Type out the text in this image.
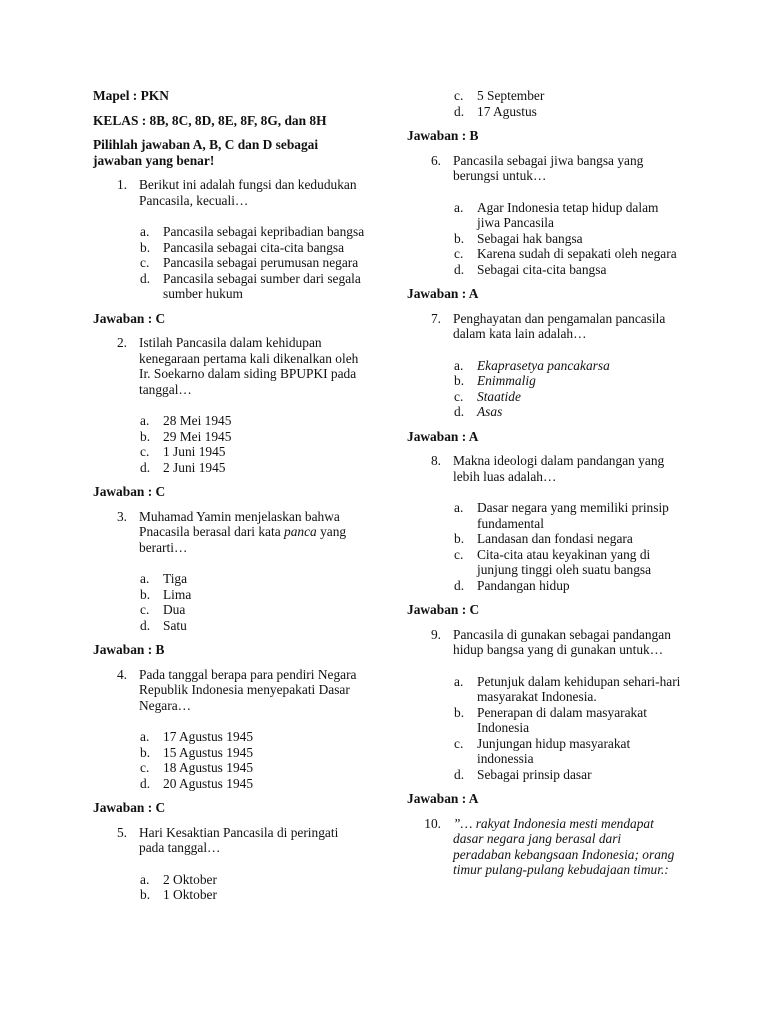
Mapel : PKN

KELAS : 8B, 8C, 8D, 8E, 8F, 8G, dan 8H

Pilihlah jawaban A, B, C dan D sebagai jawaban yang benar!

1. Berikut ini adalah fungsi dan kedudukan Pancasila, kecuali…
a.	Pancasila sebagai kepribadian bangsa
b. Pancasila sebagai cita-cita bangsa
c.	Pancasila sebagai perumusan negara
d. Pancasila sebagai sumber dari segala sumber hukum

Jawaban : C

2. Istilah Pancasila dalam kehidupan kenegaraan pertama kali dikenalkan oleh Ir. Soekarno dalam siding BPUPKI pada tanggal…
a.	28 Mei 1945
b. 29 Mei 1945
c.	1 Juni 1945
d. 2 Juni 1945

Jawaban : C

3. Muhamad Yamin menjelaskan bahwa Pnacasila berasal dari kata panca yang berarti…
a.	Tiga
b. Lima
c.	Dua
d. Satu

Jawaban : B

4. Pada tanggal berapa para pendiri Negara Republik Indonesia menyepakati Dasar Negara…
a.	17 Agustus 1945
b. 15 Agustus 1945
c.	18 Agustus 1945
d. 20 Agustus 1945

Jawaban : C

5. Hari Kesaktian Pancasila di peringati pada tanggal…
a.	2 Oktober
b. 1 Oktober
c.	5 September
d. 17 Agustus

Jawaban : B

6. Pancasila sebagai jiwa bangsa yang berungsi untuk…
a.	Agar Indonesia tetap hidup dalam jiwa Pancasila
b. Sebagai hak bangsa
c.	Karena sudah di sepakati oleh negara
d. Sebagai cita-cita bangsa

Jawaban : A

7. Penghayatan dan pengamalan pancasila dalam kata lain adalah…
a.	Ekaprasetya pancakarsa
b. Enimmalig
c.	Staatide
d. Asas

Jawaban : A

8. Makna ideologi dalam pandangan yang lebih luas adalah…
a.	Dasar negara yang memiliki prinsip fundamental
b. Landasan dan fondasi negara
c.	Cita-cita atau keyakinan yang di junjung tinggi oleh suatu bangsa
d. Pandangan hidup

Jawaban : C

9. Pancasila di gunakan sebagai pandangan hidup bangsa yang di gunakan untuk…
a.	Petunjuk dalam kehidupan sehari-hari masyarakat Indonesia.
b. Penerapan di dalam masyarakat Indonesia
c.	Junjungan hidup masyarakat indonessia
d. Sebagai prinsip dasar

Jawaban : A

10. ”… rakyat Indonesia mesti mendapat dasar negara jang berasal dari peradaban kebangsaan Indonesia; orang timur pulang-pulang kebudajaan timur.:
